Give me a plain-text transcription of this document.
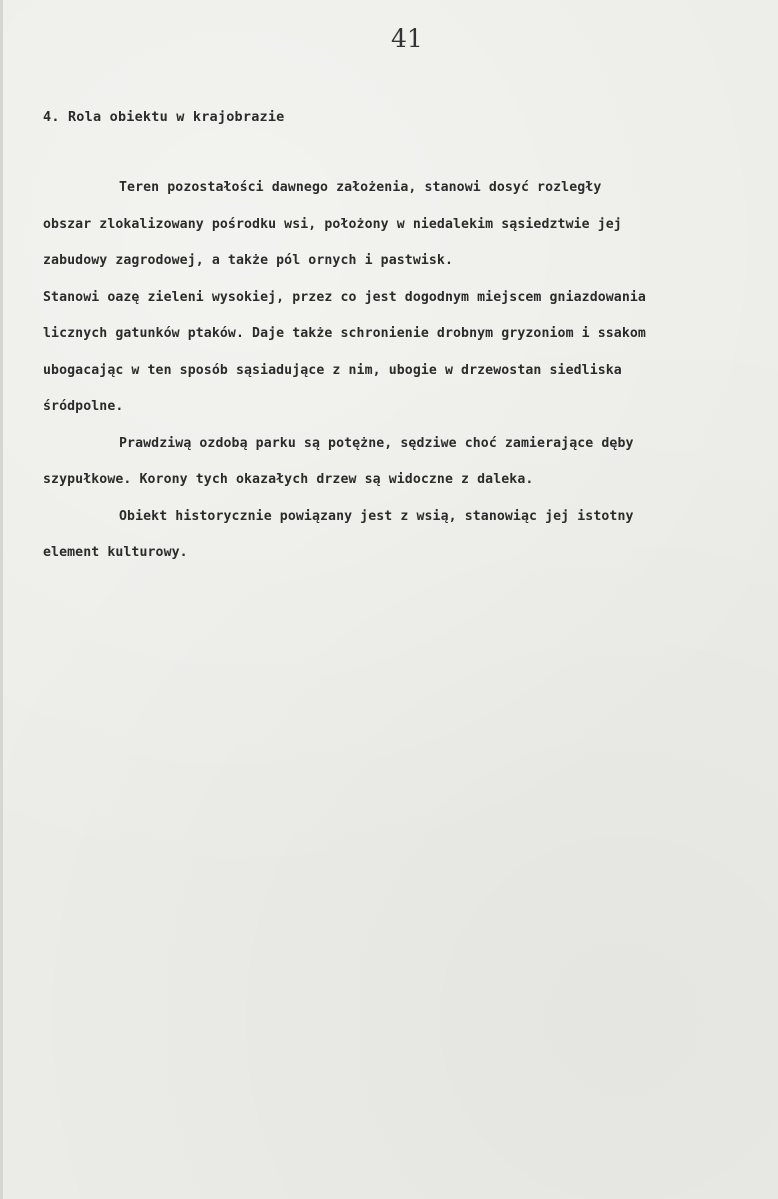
41
4. Rola obiektu w krajobrazie
Teren pozostałości dawnego założenia, stanowi dosyć rozległy
obszar zlokalizowany pośrodku wsi, położony w niedalekim sąsiedztwie jej
zabudowy zagrodowej, a także pól ornych i pastwisk.
Stanowi oazę zieleni wysokiej, przez co jest dogodnym miejscem gniazdowania
licznych gatunków ptaków. Daje także schronienie drobnym gryzoniom i ssakom
ubogacając w ten sposób sąsiadujące z nim, ubogie w drzewostan siedliska
śródpolne.
Prawdziwą ozdobą parku są potężne, sędziwe choć zamierające dęby
szypułkowe. Korony tych okazałych drzew są widoczne z daleka.
Obiekt historycznie powiązany jest z wsią, stanowiąc jej istotny
element kulturowy.
